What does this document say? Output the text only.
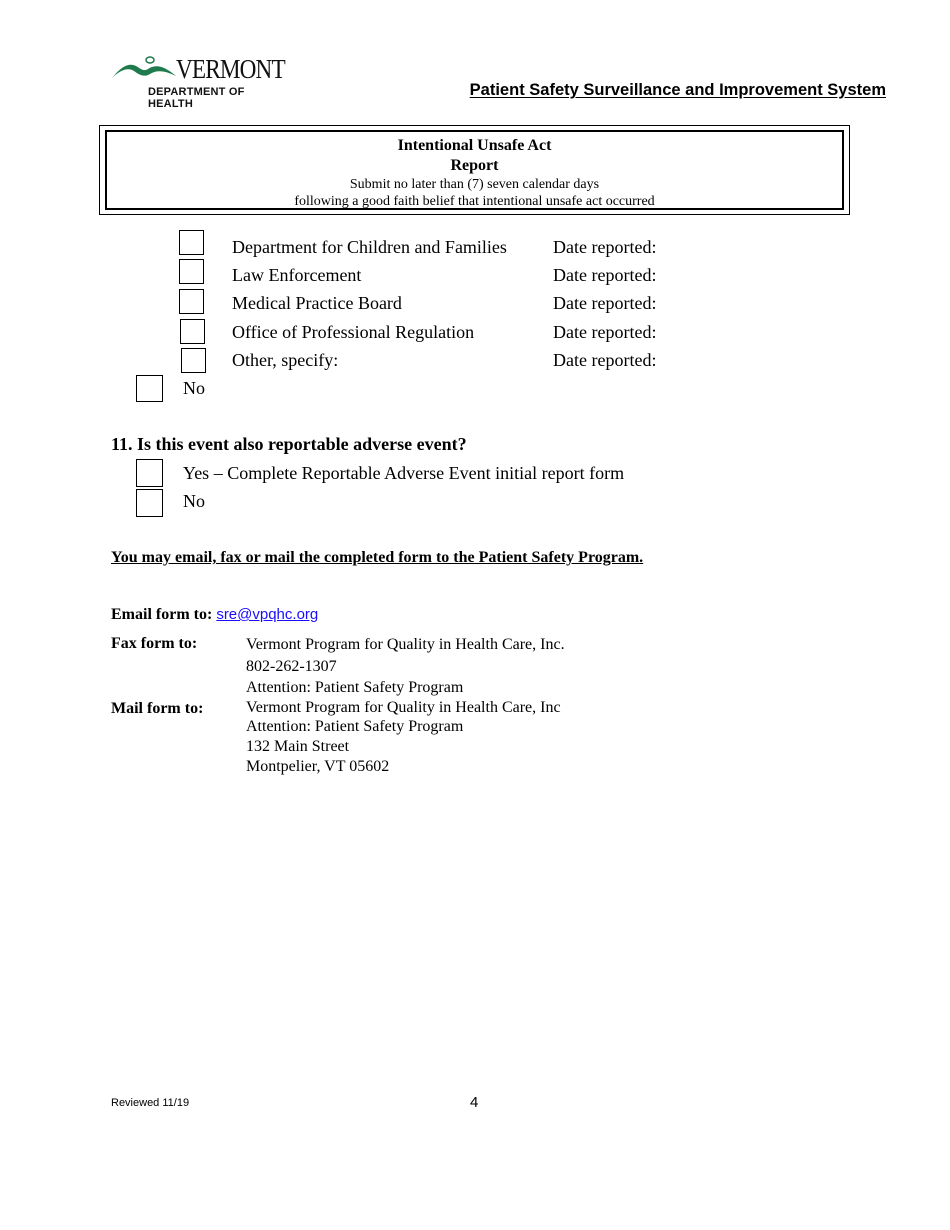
VERMONT
DEPARTMENT OF HEALTH
Patient Safety Surveillance and Improvement System
Intentional Unsafe Act
Report
Submit no later than (7) seven calendar days
following a good faith belief that intentional unsafe act occurred
Department for Children and Families	Date reported:
Law Enforcement	Date reported:
Medical Practice Board	Date reported:
Office of Professional Regulation	Date reported:
Other, specify:	Date reported:
No
11. Is this event also reportable adverse event?
Yes – Complete Reportable Adverse Event initial report form
No
You may email, fax or mail the completed form to the Patient Safety Program.
Email form to: sre@vpqhc.org
Fax form to:	Vermont Program for Quality in Health Care, Inc.
802-262-1307
Attention: Patient Safety Program
Mail form to:	Vermont Program for Quality in Health Care, Inc
Attention: Patient Safety Program
132 Main Street
Montpelier, VT 05602
Reviewed 11/19	4
